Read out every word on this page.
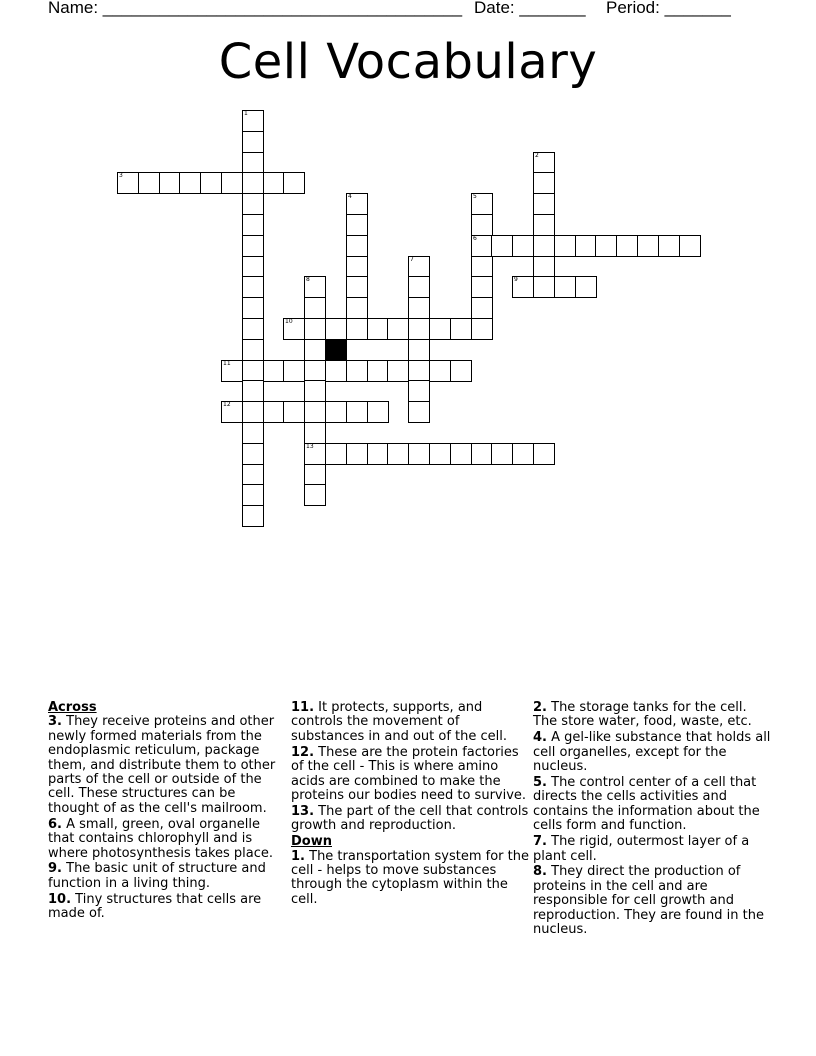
Name: ______________________________________ Date: _______ Period: _______
Cell Vocabulary
1
2
3
4	5
6
7
8
13
9
10
11
12
Across
3. They receive proteins and other newly formed materials from the endoplasmic reticulum, package them, and distribute them to other parts of the cell or outside of the cell. These structures can be thought of as the cell's mailroom.
6. A small, green, oval organelle that contains chlorophyll and is where photosynthesis takes place.
9. The basic unit of structure and function in a living thing.
10. Tiny structures that cells are made of.
11. It protects, supports, and controls the movement of substances in and out of the cell.
12. These are the protein factories of the cell - This is where amino acids are combined to make the proteins our bodies need to survive.
13. The part of the cell that controls growth and reproduction.
Down
1. The transportation system for the cell - helps to move substances through the cytoplasm within the cell.
2. The storage tanks for the cell. The store water, food, waste, etc.
4. A gel-like substance that holds all cell organelles, except for the nucleus.
5. The control center of a cell that directs the cells activities and contains the information about the cells form and function.
7. The rigid, outermost layer of a plant cell.
8. They direct the production of proteins in the cell and are responsible for cell growth and reproduction. They are found in the nucleus.
